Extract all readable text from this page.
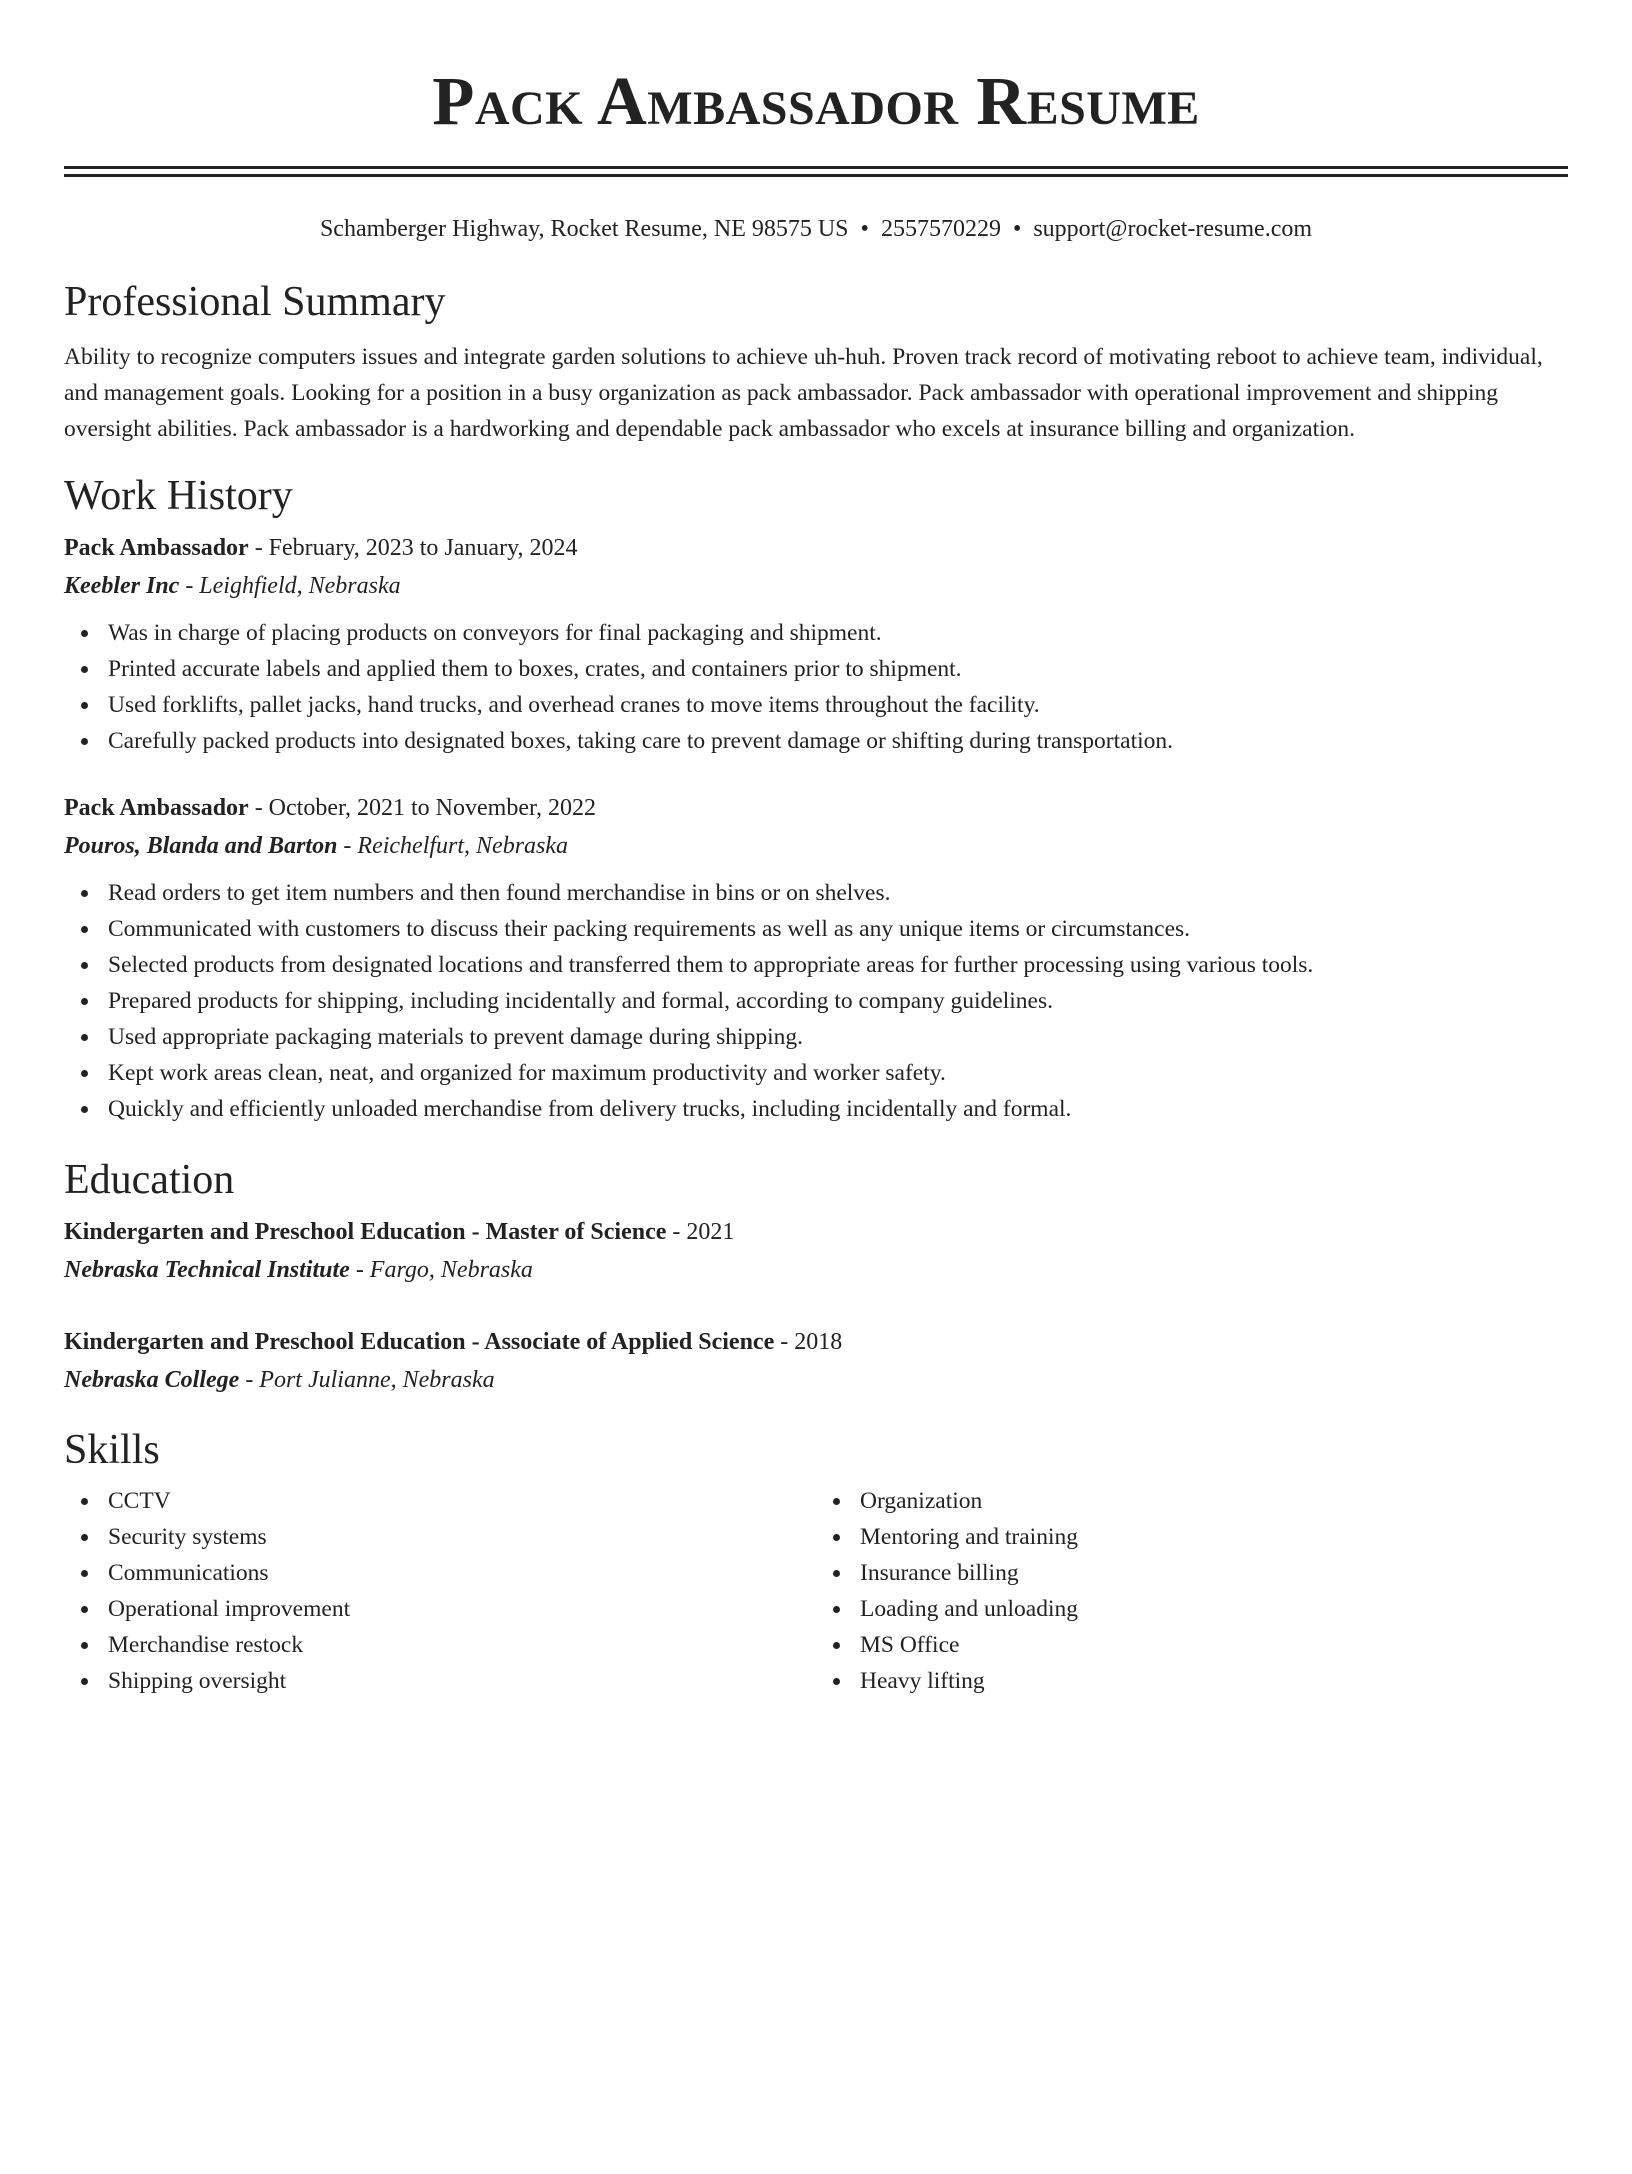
Pack Ambassador Resume
Schamberger Highway, Rocket Resume, NE 98575 US • 2557570229 • support@rocket-resume.com
Professional Summary

Ability to recognize computers issues and integrate garden solutions to achieve uh-huh. Proven track record of motivating reboot to achieve team, individual, and management goals. Looking for a position in a busy organization as pack ambassador. Pack ambassador with operational improvement and shipping oversight abilities. Pack ambassador is a hardworking and dependable pack ambassador who excels at insurance billing and organization.

Work History
Pack Ambassador - February, 2023 to January, 2024
Keebler Inc - Leighfield, Nebraska
Was in charge of placing products on conveyors for final packaging and shipment.
Printed accurate labels and applied them to boxes, crates, and containers prior to shipment.
Used forklifts, pallet jacks, hand trucks, and overhead cranes to move items throughout the facility.
Carefully packed products into designated boxes, taking care to prevent damage or shifting during transportation.
Pack Ambassador - October, 2021 to November, 2022
Pouros, Blanda and Barton - Reichelfurt, Nebraska
Read orders to get item numbers and then found merchandise in bins or on shelves.
Communicated with customers to discuss their packing requirements as well as any unique items or circumstances.
Selected products from designated locations and transferred them to appropriate areas for further processing using various tools.
Prepared products for shipping, including incidentally and formal, according to company guidelines.
Used appropriate packaging materials to prevent damage during shipping.
Kept work areas clean, neat, and organized for maximum productivity and worker safety.
Quickly and efficiently unloaded merchandise from delivery trucks, including incidentally and formal.
Education
Kindergarten and Preschool Education - Master of Science - 2021
Nebraska Technical Institute - Fargo, Nebraska
Kindergarten and Preschool Education - Associate of Applied Science - 2018
Nebraska College - Port Julianne, Nebraska
Skills
CCTV
Security systems
Communications
Operational improvement
Merchandise restock
Shipping oversight
Organization
Mentoring and training
Insurance billing
Loading and unloading
MS Office
Heavy lifting
